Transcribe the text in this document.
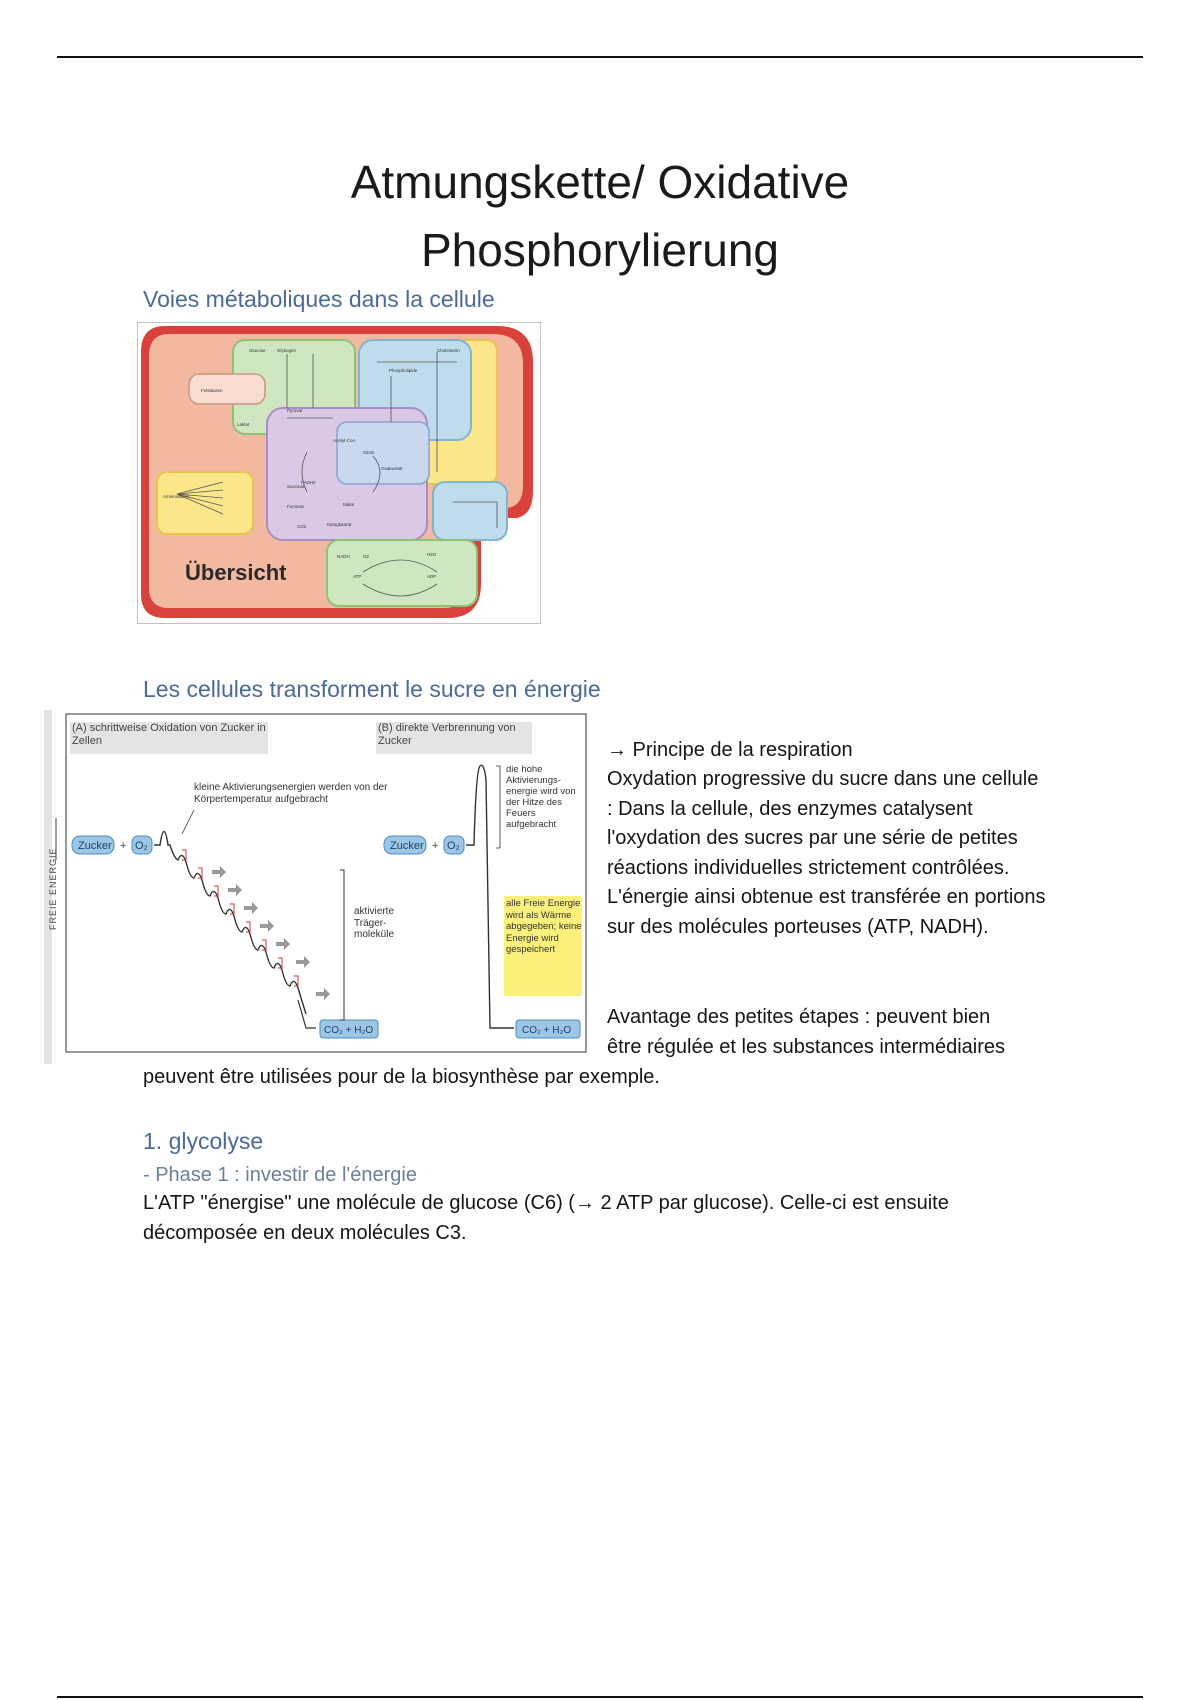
Atmungskette/ Oxidative
Phosphorylierung
Voies métaboliques dans la cellule
Glucose
Pyruvat
Acetyl-CoA
Citrat
Oxalacetat
Succinat
Fumarat	Malat
Ketoglutarat
Phospholipide
Cholesterin
Fettsäuren
Aminosäuren
Laktat
Glykogen
ATP	ADP
NADH
FADH2
H2O
O2
CO2
Übersicht
Les cellules transforment le sucre en énergie
(A) schrittweise Oxidation von Zucker in Zellen
(B) direkte Verbrennung von Zucker
FREIE ENERGIE
Zucker + O₂
CO₂ + H₂O
kleine Aktivierungsenergien werden von der Körpertemperatur aufgebracht
aktivierte Träger-moleküle
Zucker + O₂
die hohe Aktivierungs-energie wird von der Hitze des Feuers aufgebracht
alle Freie Energie wird als Wärme abgegeben; keine Energie wird gespeichert
CO₂ + H₂O
→ Principe de la respiration
Oxydation progressive du sucre dans une cellule : Dans la cellule, des enzymes catalysent l'oxydation des sucres par une série de petites réactions individuelles strictement contrôlées. L'énergie ainsi obtenue est transférée en portions sur des molécules porteuses (ATP, NADH).
Avantage des petites étapes : peuvent bien
être régulée et les substances intermédiaires
peuvent être utilisées pour de la biosynthèse par exemple.
1. glycolyse
- Phase 1 : investir de l'énergie
L'ATP "énergise" une molécule de glucose (C6) (→ 2 ATP par glucose). Celle-ci est ensuite décomposée en deux molécules C3.
